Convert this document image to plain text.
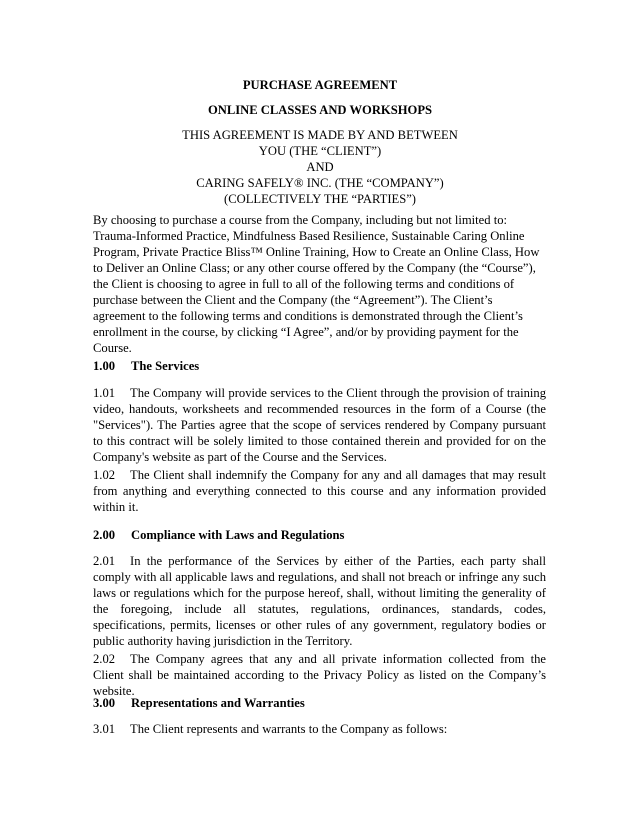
PURCHASE AGREEMENT
ONLINE CLASSES AND WORKSHOPS
THIS AGREEMENT IS MADE BY AND BETWEEN
YOU (THE “CLIENT”)
AND
CARING SAFELY® INC. (THE “COMPANY”)
(COLLECTIVELY THE “PARTIES”)
By choosing to purchase a course from the Company, including but not limited to:
Trauma-Informed Practice, Mindfulness Based Resilience, Sustainable Caring Online
Program, Private Practice Bliss™ Online Training, How to Create an Online Class, How
to Deliver an Online Class; or any other course offered by the Company (the “Course”),
the Client is choosing to agree in full to all of the following terms and conditions of
purchase between the Client and the Company (the “Agreement”). The Client’s
agreement to the following terms and conditions is demonstrated through the Client’s
enrollment in the course, by clicking “I Agree”, and/or by providing payment for the
Course.
1.00 The Services
1.01 The Company will provide services to the Client through the provision of training video, handouts, worksheets and recommended resources in the form of a Course (the "Services"). The Parties agree that the scope of services rendered by Company pursuant to this contract will be solely limited to those contained therein and provided for on the Company's website as part of the Course and the Services.
1.02 The Client shall indemnify the Company for any and all damages that may result from anything and everything connected to this course and any information provided within it.
2.00 Compliance with Laws and Regulations
2.01 In the performance of the Services by either of the Parties, each party shall comply with all applicable laws and regulations, and shall not breach or infringe any such laws or regulations which for the purpose hereof, shall, without limiting the generality of the foregoing, include all statutes, regulations, ordinances, standards, codes, specifications, permits, licenses or other rules of any government, regulatory bodies or public authority having jurisdiction in the Territory.
2.02 The Company agrees that any and all private information collected from the Client shall be maintained according to the Privacy Policy as listed on the Company’s website.
3.00 Representations and Warranties
3.01 The Client represents and warrants to the Company as follows:
